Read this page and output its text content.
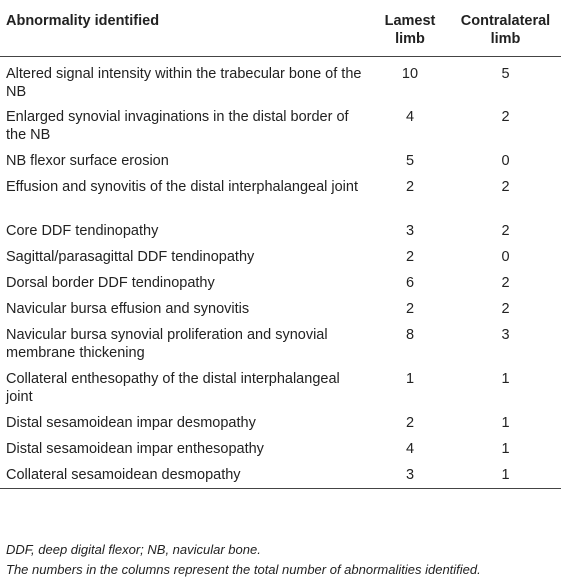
Abnormality identified	Lamest limb	Contralateral limb
Altered signal intensity within the trabecular bone of the NB	10	5
Enlarged synovial invaginations in the distal border of the NB	4	2
NB flexor surface erosion	5	0
Effusion and synovitis of the distal interphalangeal joint	2	2
Core DDF tendinopathy	3	2
Sagittal/parasagittal DDF tendinopathy	2	0
Dorsal border DDF tendinopathy	6	2
Navicular bursa effusion and synovitis	2	2
Navicular bursa synovial proliferation and synovial membrane thickening	8	3
Collateral enthesopathy of the distal interphalangeal joint	1	1
Distal sesamoidean impar desmopathy	2	1
Distal sesamoidean impar enthesopathy	4	1
Collateral sesamoidean desmopathy	3	1
DDF, deep digital flexor; NB, navicular bone.
The numbers in the columns represent the total number of abnormalities identified.
